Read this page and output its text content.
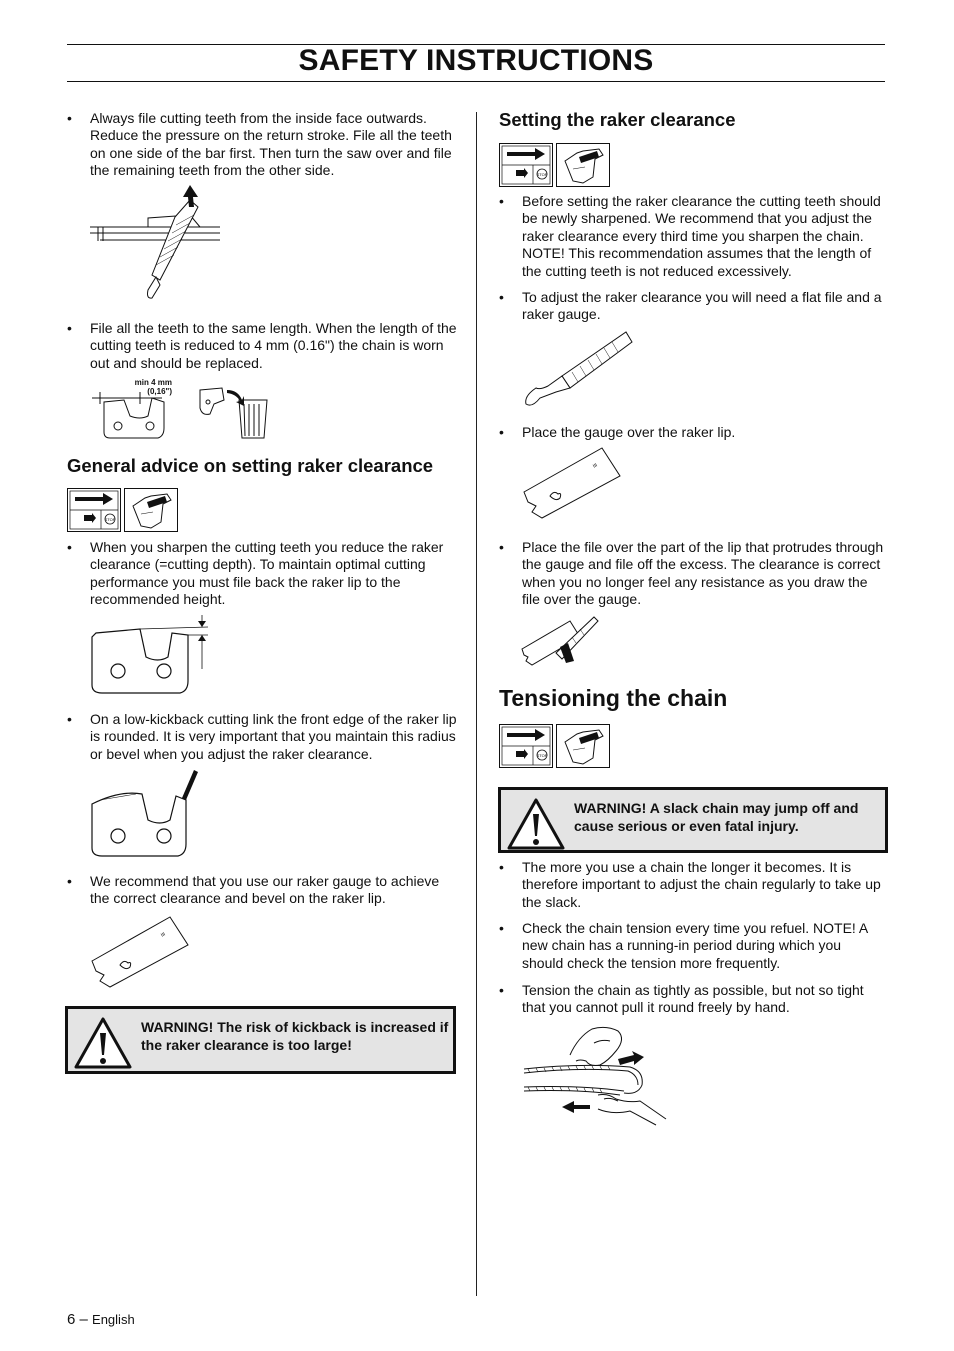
SAFETY INSTRUCTIONS
• Always file cutting teeth from the inside face outwards. Reduce the pressure on the return stroke. File all the teeth on one side of the bar first. Then turn the saw over and file the remaining teeth from the other side.
• File all the teeth to the same length. When the length of the cutting teeth is reduced to 4 mm (0.16") the chain is worn out and should be replaced.
min 4 mm
(0,16")
General advice on setting raker clearance
STOP
• When you sharpen the cutting teeth you reduce the raker clearance (=cutting depth). To maintain optimal cutting performance you must file back the raker lip to the recommended height.
• On a low-kickback cutting link the front edge of the raker lip is rounded. It is very important that you maintain this radius or bevel when you adjust the raker clearance.
• We recommend that you use our raker gauge to achieve the correct clearance and bevel on the raker lip.
III
WARNING! The risk of kickback is increased if the raker clearance is too large!
Setting the raker clearance
STOP
• Before setting the raker clearance the cutting teeth should be newly sharpened. We recommend that you adjust the raker clearance every third time you sharpen the chain. NOTE! This recommendation assumes that the length of the cutting teeth is not reduced excessively.
• To adjust the raker clearance you will need a flat file and a raker gauge.
• Place the gauge over the raker lip.
III
• Place the file over the part of the lip that protrudes through the gauge and file off the excess. The clearance is correct when you no longer feel any resistance as you draw the file over the gauge.
Tensioning the chain
STOP
WARNING! A slack chain may jump off and cause serious or even fatal injury.
• The more you use a chain the longer it becomes. It is therefore important to adjust the chain regularly to take up the slack.
• Check the chain tension every time you refuel. NOTE! A new chain has a running-in period during which you should check the tension more frequently.
• Tension the chain as tightly as possible, but not so tight that you cannot pull it round freely by hand.
6 – English
